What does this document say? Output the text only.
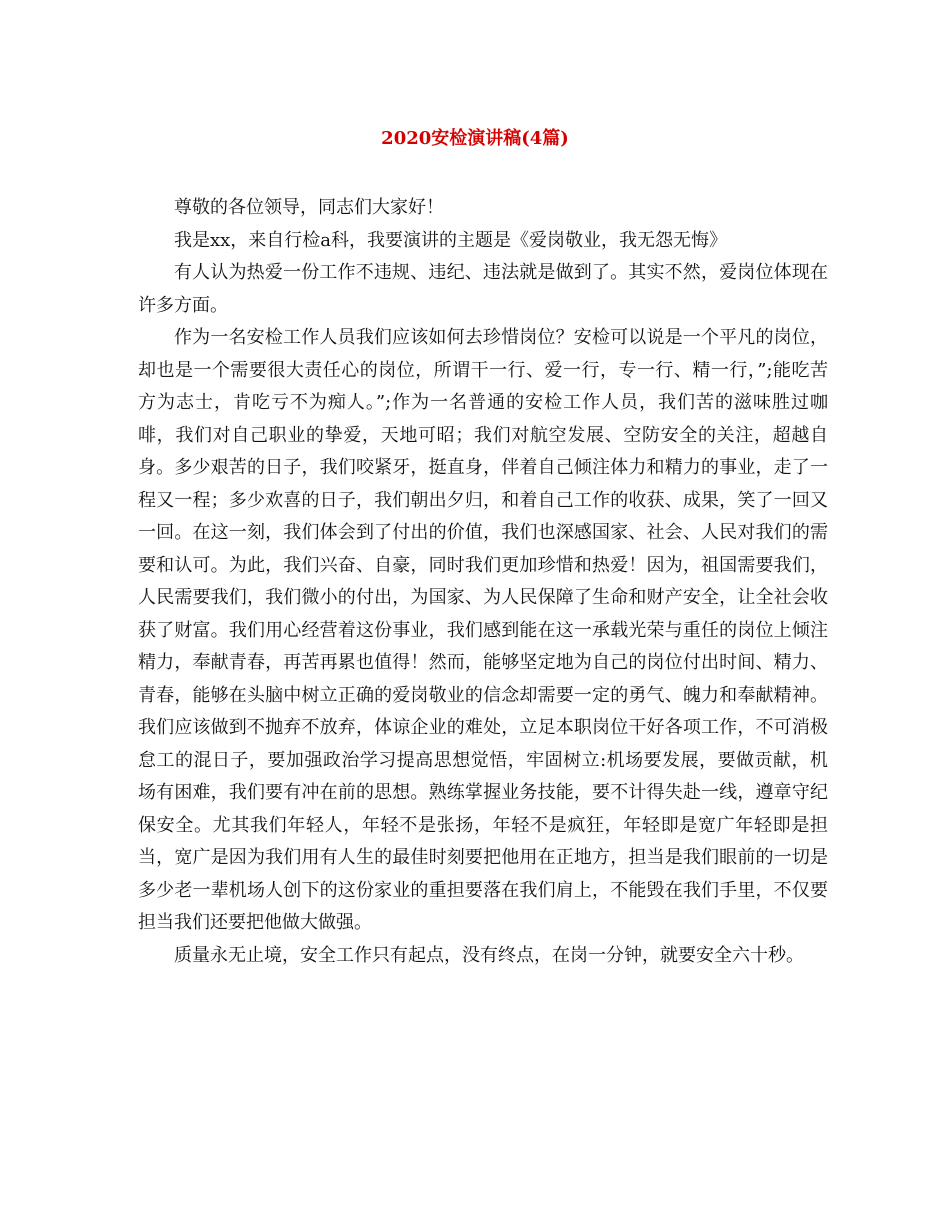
2020安检演讲稿(4篇)

尊敬的各位领导，同志们大家好！

我是xx，来自行检a科，我要演讲的主题是《爱岗敬业，我无怨无悔》

有人认为热爱一份工作不违规、违纪、违法就是做到了。其实不然，爱岗位体现在许多方面。

作为一名安检工作人员我们应该如何去珍惜岗位？安检可以说是一个平凡的岗位，却也是一个需要很大责任心的岗位，所谓干一行、爱一行，专一行、精一行，”;能吃苦方为志士，肯吃亏不为痴人。”;作为一名普通的安检工作人员，我们苦的滋味胜过咖啡，我们对自己职业的挚爱，天地可昭；我们对航空发展、空防安全的关注，超越自身。多少艰苦的日子，我们咬紧牙，挺直身，伴着自己倾注体力和精力的事业，走了一程又一程；多少欢喜的日子，我们朝出夕归，和着自己工作的收获、成果，笑了一回又一回。在这一刻，我们体会到了付出的价值，我们也深感国家、社会、人民对我们的需要和认可。为此，我们兴奋、自豪，同时我们更加珍惜和热爱！因为，祖国需要我们，人民需要我们，我们微小的付出，为国家、为人民保障了生命和财产安全，让全社会收获了财富。我们用心经营着这份事业，我们感到能在这一承载光荣与重任的岗位上倾注精力，奉献青春，再苦再累也值得！然而，能够坚定地为自己的岗位付出时间、精力、青春，能够在头脑中树立正确的爱岗敬业的信念却需要一定的勇气、魄力和奉献精神。我们应该做到不抛弃不放弃，体谅企业的难处，立足本职岗位干好各项工作，不可消极怠工的混日子，要加强政治学习提高思想觉悟，牢固树立:机场要发展，要做贡献，机场有困难，我们要有冲在前的思想。熟练掌握业务技能，要不计得失赴一线，遵章守纪保安全。尤其我们年轻人，年轻不是张扬，年轻不是疯狂，年轻即是宽广年轻即是担当，宽广是因为我们用有人生的最佳时刻要把他用在正地方，担当是我们眼前的一切是多少老一辈机场人创下的这份家业的重担要落在我们肩上，不能毁在我们手里，不仅要担当我们还要把他做大做强。

质量永无止境，安全工作只有起点，没有终点，在岗一分钟，就要安全六十秒。
